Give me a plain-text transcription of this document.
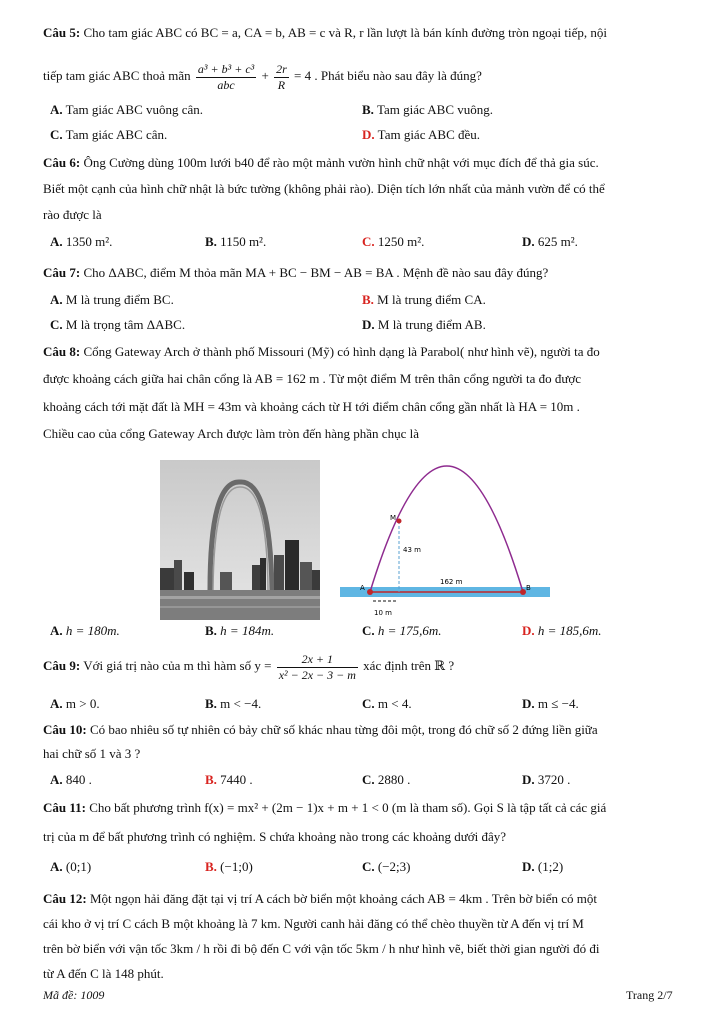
Câu 5: Cho tam giác ABC có BC = a, CA = b, AB = c và R, r lần lượt là bán kính đường tròn ngoại tiếp, nội
tiếp tam giác ABC thoả mãn $\frac{\text{a³ + b³ + c³}}{\text{abc}} + \frac{2r}{R} = 4$ . Phát biểu nào sau đây là đúng?
A. Tam giác ABC vuông cân.	B. Tam giác ABC vuông.
C. Tam giác ABC cân.	D. Tam giác ABC đều.
Câu 6: Ông Cường dùng 100m lưới b40 để rào một mảnh vườn hình chữ nhật với mục đích để thả gia súc.
Biết một cạnh của hình chữ nhật là bức tường (không phải rào). Diện tích lớn nhất của mảnh vườn để có thể
rào được là
A. 1350 m².	B. 1150 m².	C. 1250 m².	D. 625 m².
Câu 7: Cho ΔABC, điểm M thỏa mãn MA + BC − BM − AB = BA . Mệnh đề nào sau đây đúng?
A. M là trung điểm BC.	B. M là trung điểm CA.
C. M là trọng tâm ΔABC.	D. M là trung điểm AB.
Câu 8: Cổng Gateway Arch ở thành phố Missouri (Mỹ) có hình dạng là Parabol( như hình vẽ), người ta đo
được khoảng cách giữa hai chân cổng là AB = 162 m . Từ một điểm M trên thân cổng người ta đo được
khoảng cách tới mặt đất là MH = 43m và khoảng cách từ H tới điểm chân cổng gần nhất là HA = 10m .
Chiều cao của cổng Gateway Arch được làm tròn đến hàng phần chục là
M
43 m
A	B
162 m
10 m
A. h = 180m.	B. h = 184m.	C. h = 175,6m.	D. h = 185,6m.
Câu 9: Với giá trị nào của m thì hàm số $y = \frac{2x + 1}{\text{x² − 2x − 3 − m}}$ xác định trên ℝ ?
A. m > 0.	B. m < −4.	C. m < 4.	D. m ≤ −4.
Câu 10: Có bao nhiêu số tự nhiên có bảy chữ số khác nhau từng đôi một, trong đó chữ số 2 đứng liền giữa
hai chữ số 1 và 3 ?
A. 840 .	B. 7440 .	C. 2880 .	D. 3720 .
Câu 11: Cho bất phương trình f(x) = mx² + (2m − 1)x + m + 1 < 0 (m là tham số). Gọi S là tập tất cả các giá
trị của m để bất phương trình có nghiệm. S chứa khoảng nào trong các khoảng dưới đây?
A. (0;1)	B. (−1;0)	C. (−2;3)	D. (1;2)
Câu 12: Một ngọn hải đăng đặt tại vị trí A cách bờ biển một khoảng cách AB = 4km . Trên bờ biển có một
cái kho ở vị trí C cách B một khoảng là 7 km. Người canh hải đăng có thể chèo thuyền từ A đến vị trí M
trên bờ biển với vận tốc 3km / h rồi đi bộ đến C với vận tốc 5km / h như hình vẽ, biết thời gian người đó đi
từ A đến C là 148 phút.
Mã đề: 1009	Trang 2/7
